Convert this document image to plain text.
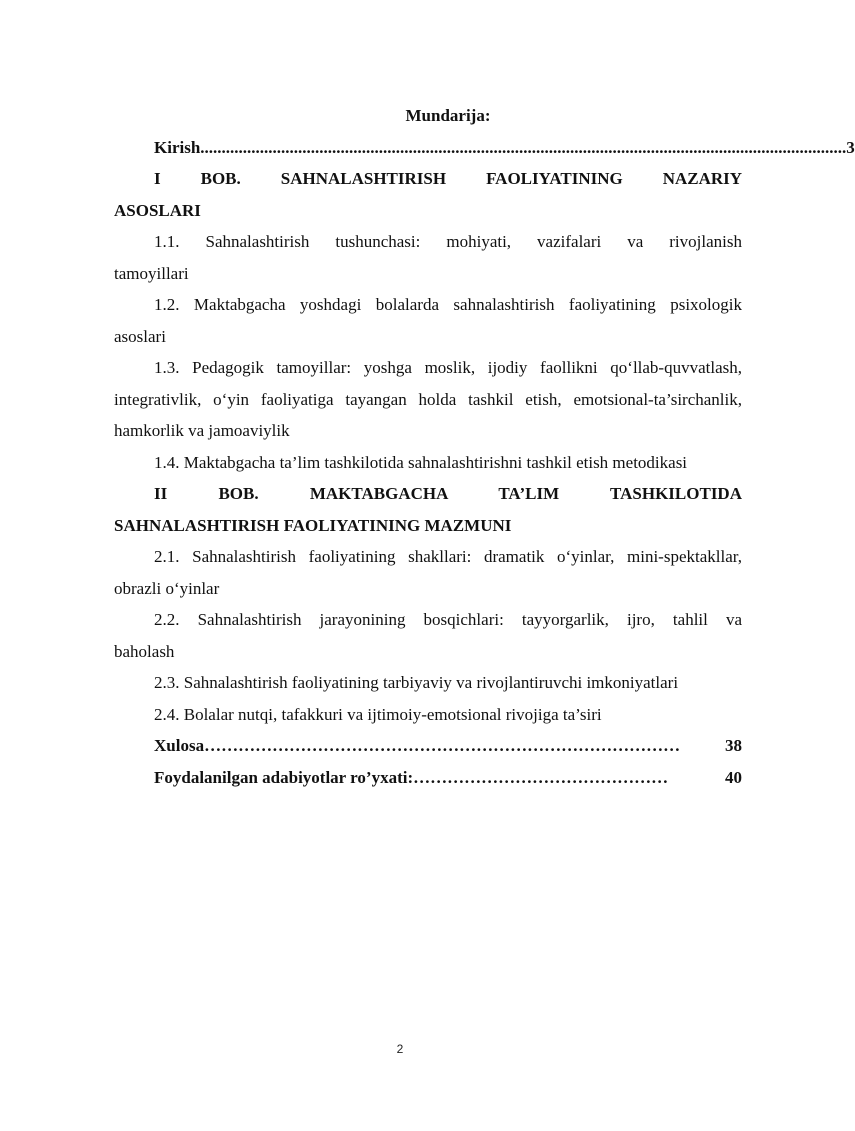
Mundarija:

Kirish ........................................................................................................................................................ 3

I BOB. SAHNALASHTIRISH FAOLIYATINING NAZARIY

ASOSLARI

1.1. Sahnalashtirish tushunchasi: mohiyati, vazifalari va rivojlanish

tamoyillari

1.2. Maktabgacha yoshdagi bolalarda sahnalashtirish faoliyatining psixologik

asoslari

1.3. Pedagogik tamoyillar: yoshga moslik, ijodiy faollikni qo‘llab-quvvatlash,

integrativlik, o‘yin faoliyatiga tayangan holda tashkil etish, emotsional-ta’sirchanlik,

hamkorlik va jamoaviylik

1.4. Maktabgacha ta’lim tashkilotida sahnalashtirishni tashkil etish metodikasi

II	BOB.	MAKTABGACHA	TA’LIM	TASHKILOTIDA

SAHNALASHTIRISH FAOLIYATINING MAZMUNI

2.1. Sahnalashtirish faoliyatining shakllari: dramatik o‘yinlar, mini-spektakllar,

obrazli o‘yinlar

2.2. Sahnalashtirish jarayonining bosqichlari: tayyorgarlik, ijro, tahlil va

baholash

2.3. Sahnalashtirish faoliyatining tarbiyaviy va rivojlantiruvchi imkoniyatlari

2.4. Bolalar nutqi, tafakkuri va ijtimoiy-emotsional rivojiga ta’siri

Xulosa …………………………………………………………………………	38
Foydalanilgan adabiyotlar ro’yxati: ………………………………………	40
2
